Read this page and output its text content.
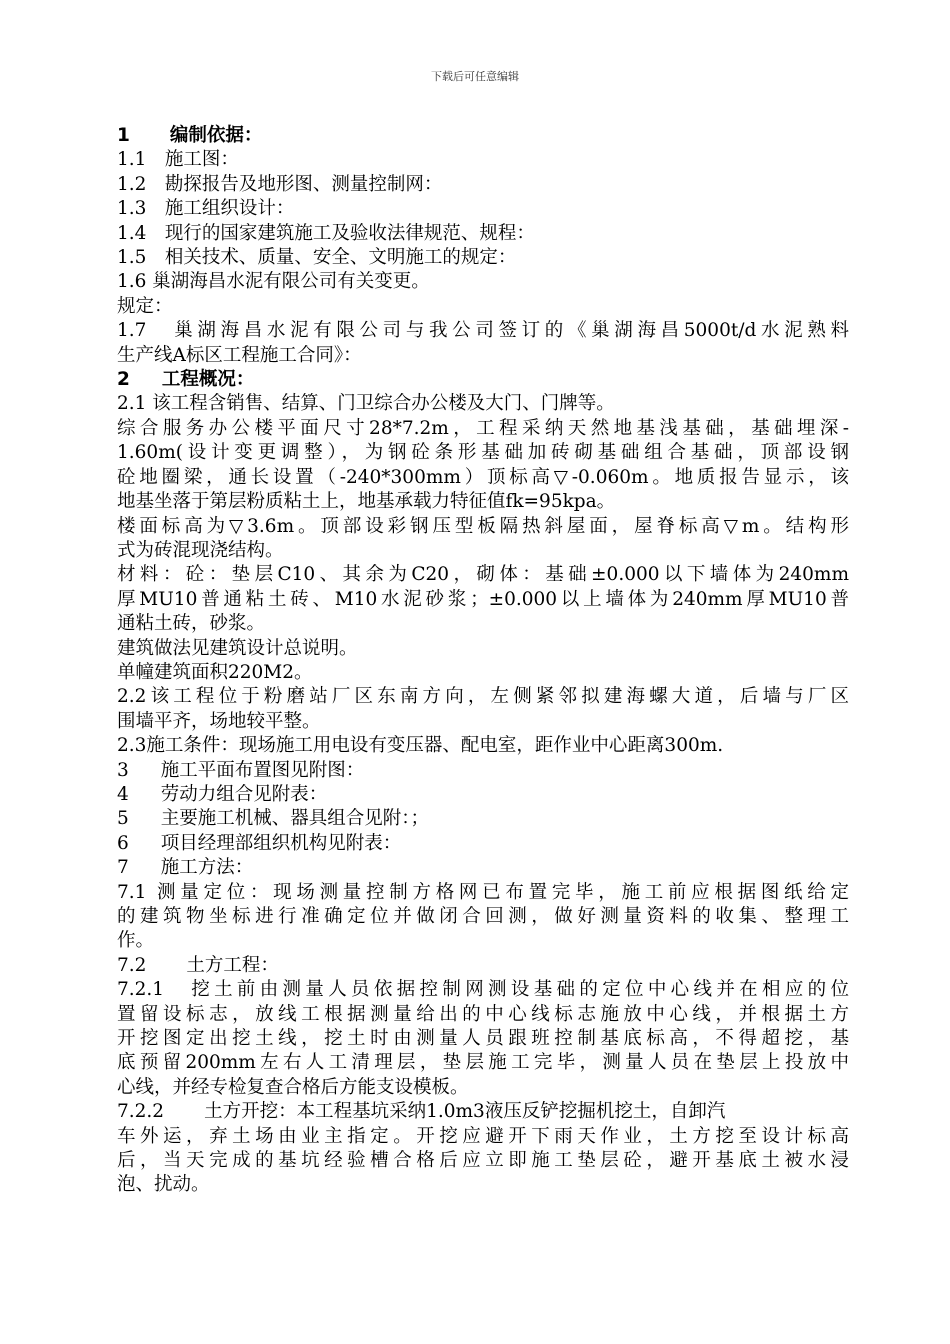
下载后可任意编辑
1 编制依据：
1.1　施工图：
1.2　勘探报告及地形图、测量控制网：
1.3　施工组织设计：
1.4　现行的国家建筑施工及验收法律规范、规程：
1.5　相关技术、质量、安全、文明施工的规定：
1.6 巢湖海昌水泥有限公司有关变更。
规定：
1.7　巢湖海昌水泥有限公司与我公司签订的《巢湖海昌5000t/d水泥熟料
生产线A标区工程施工合同》：
2 工程概况：
2.1 该工程含销售、结算、门卫综合办公楼及大门、门牌等。
综合服务办公楼平面尺寸28*7.2m，工程采纳天然地基浅基础，基础埋深-
1.60m(设计变更调整），为钢砼条形基础加砖砌基础组合基础，顶部设钢
砼地圈梁，通长设置（-240*300mm）顶标高▽-0.060m。地质报告显示，该
地基坐落于第层粉质粘土上，地基承载力特征值fk=95kpa。
楼面标高为▽3.6m。顶部设彩钢压型板隔热斜屋面，屋脊标高▽m。结构形
式为砖混现浇结构。
材料：砼：垫层C10、其余为C20，砌体：基础±0.000以下墙体为240mm
厚MU10普通粘土砖、M10水泥砂浆；±0.000以上墙体为240mm厚MU10普
通粘土砖，砂浆。
建筑做法见建筑设计总说明。
单幢建筑面积220M2。
2.2该工程位于粉磨站厂区东南方向，左侧紧邻拟建海螺大道，后墙与厂区
围墙平齐，场地较平整。
2.3施工条件：现场施工用电设有变压器、配电室，距作业中心距离300m.
3 施工平面布置图见附图：
4 劳动力组合见附表：
5 主要施工机械、器具组合见附：；
6 项目经理部组织机构见附表：
7 施工方法：
7.1 测量定位：现场测量控制方格网已布置完毕，施工前应根据图纸给定
的建筑物坐标进行准确定位并做闭合回测，做好测量资料的收集、整理工
作。
7.2 土方工程：
7.2.1　挖土前由测量人员依据控制网测设基础的定位中心线并在相应的位
置留设标志，放线工根据测量给出的中心线标志施放中心线，并根据土方
开挖图定出挖土线，挖土时由测量人员跟班控制基底标高，不得超挖，基
底预留200mm左右人工清理层，垫层施工完毕，测量人员在垫层上投放中
心线，并经专检复查合格后方能支设模板。
7.2.2 土方开挖：本工程基坑采纳1.0m3液压反铲挖掘机挖土，自卸汽
车外运，弃土场由业主指定。开挖应避开下雨天作业，土方挖至设计标高
后，当天完成的基坑经验槽合格后应立即施工垫层砼，避开基底土被水浸
泡、扰动。
